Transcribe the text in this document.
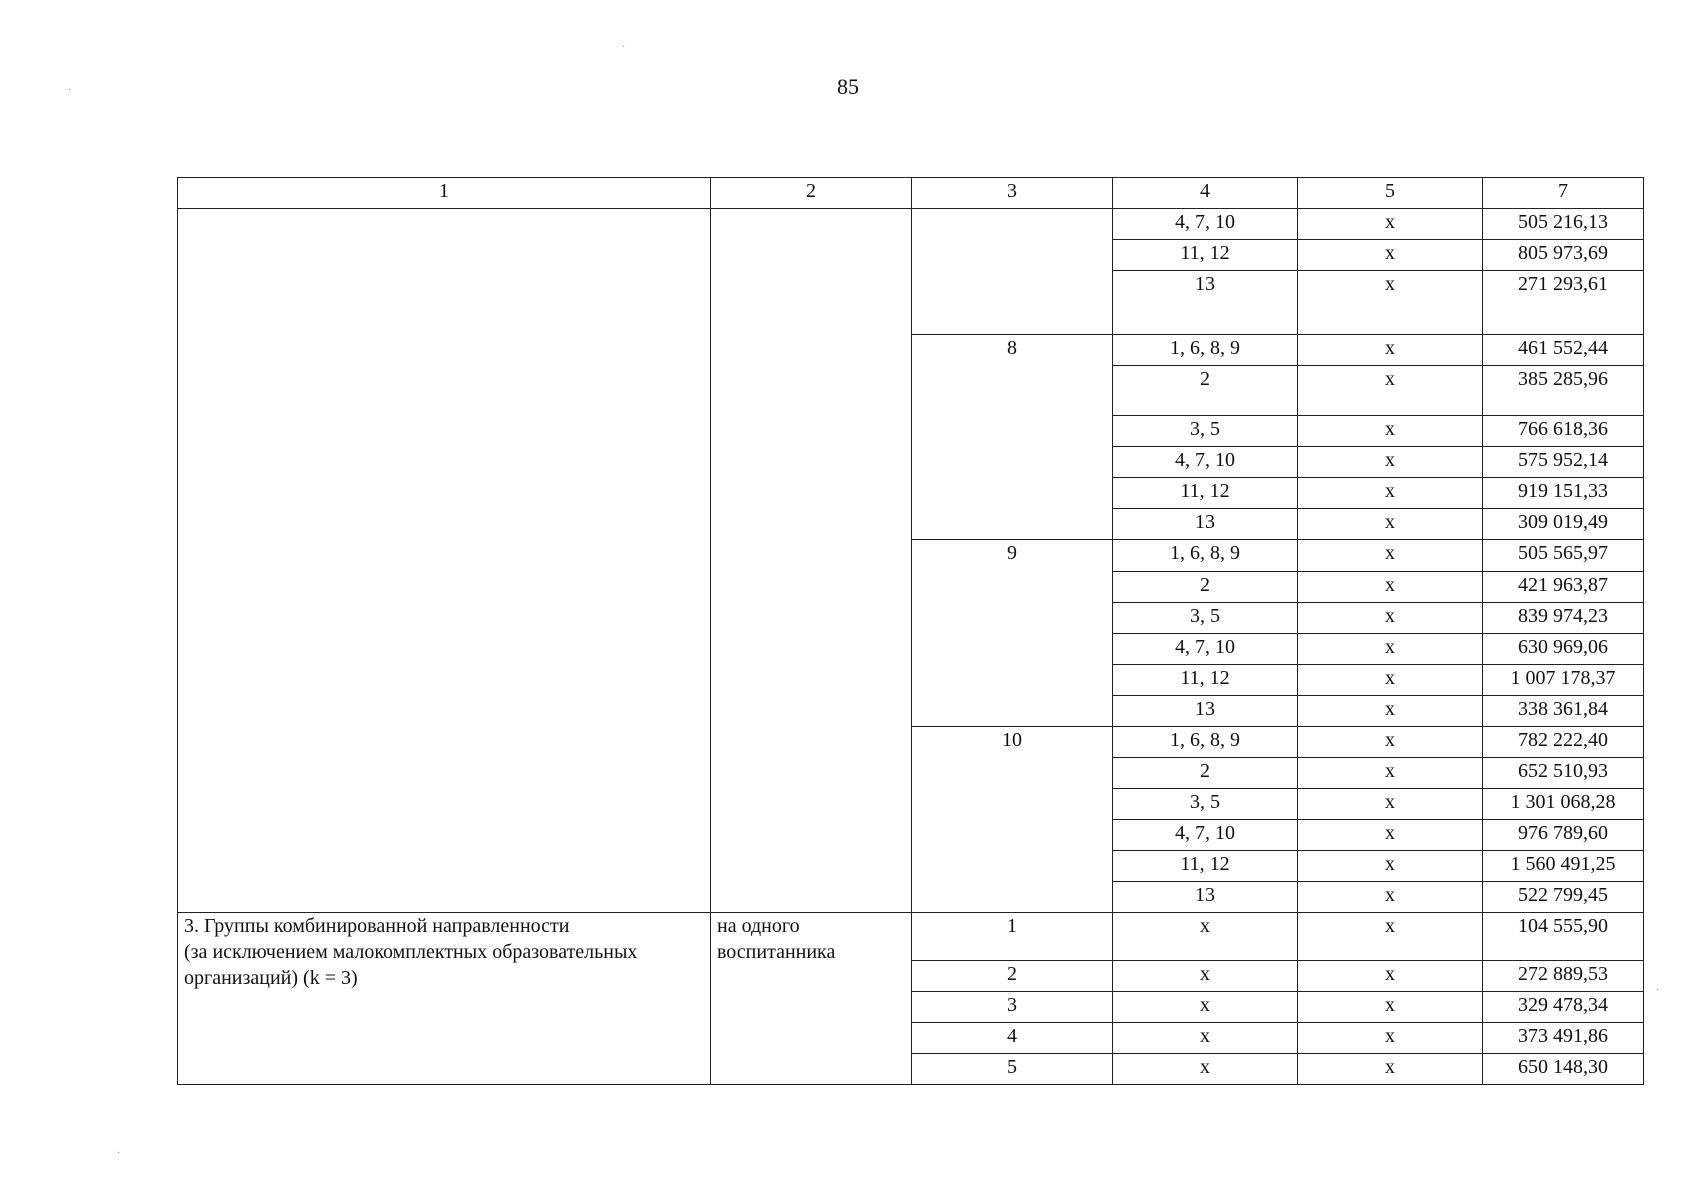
85
·
·
·
·
1	2	3	4	5	7
			4, 7, 10	x	505 216,13
			11, 12	x	805 973,69
			13	x	271 293,61
		8	1, 6, 8, 9	x	461 552,44
			2	x	385 285,96
			3, 5	x	766 618,36
			4, 7, 10	x	575 952,14
			11, 12	x	919 151,33
			13	x	309 019,49
		9	1, 6, 8, 9	x	505 565,97
			2	x	421 963,87
			3, 5	x	839 974,23
			4, 7, 10	x	630 969,06
			11, 12	x	1 007 178,37
			13	x	338 361,84
		10	1, 6, 8, 9	x	782 222,40
			2	x	652 510,93
			3, 5	x	1 301 068,28
			4, 7, 10	x	976 789,60
			11, 12	x	1 560 491,25
			13	x	522 799,45

3. Группы комбинированной направленности
(за исключением малокомплектных образовательных
организаций) (k = 3)	на одного
воспитанника	1	x	x	104 555,90
		2	x	x	272 889,53
		3	x	x	329 478,34
		4	x	x	373 491,86
		5	x	x	650 148,30
